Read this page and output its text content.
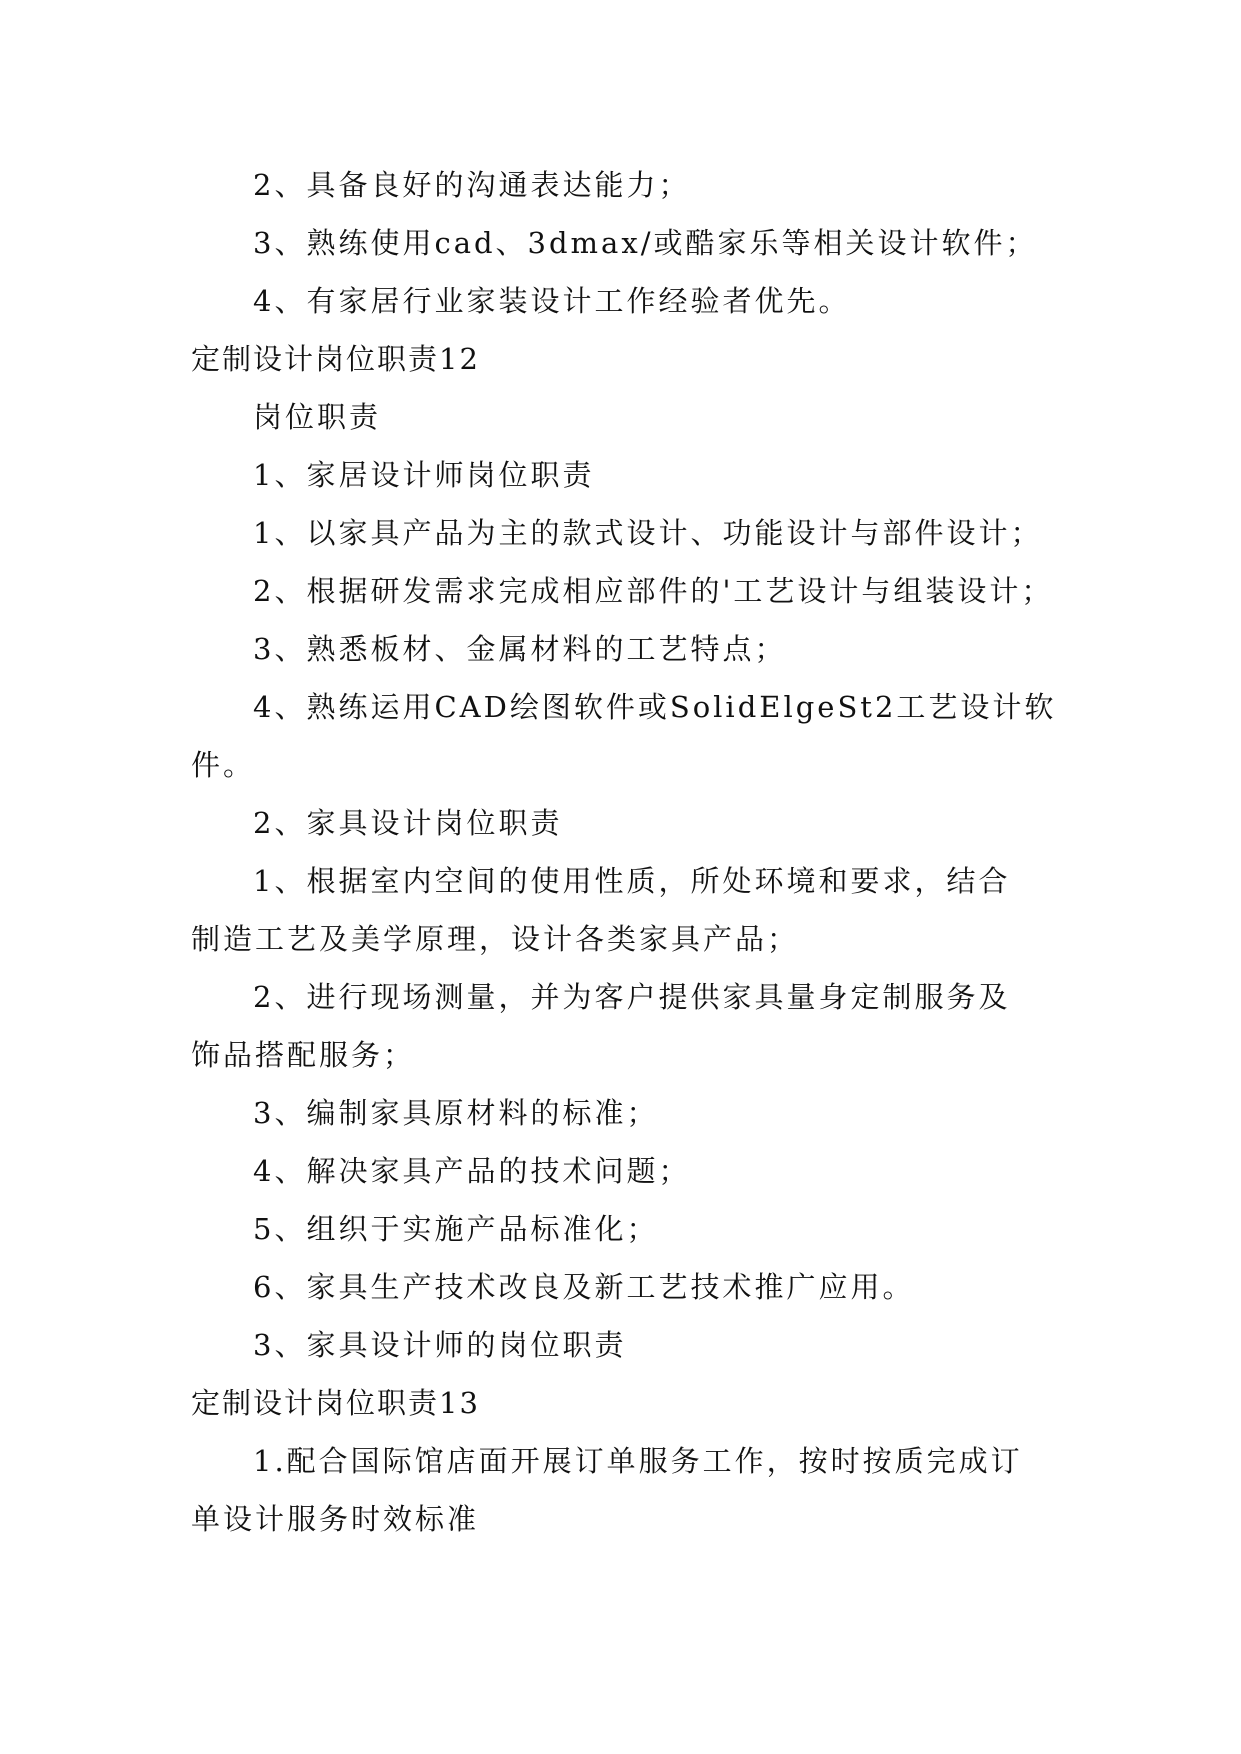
2、具备良好的沟通表达能力；
3、熟练使用cad、3dmax/或酷家乐等相关设计软件；
4、有家居行业家装设计工作经验者优先。
定制设计岗位职责12
岗位职责
1、家居设计师岗位职责
1、以家具产品为主的款式设计、功能设计与部件设计；
2、根据研发需求完成相应部件的'工艺设计与组装设计；
3、熟悉板材、金属材料的工艺特点；
4、熟练运用CAD绘图软件或SolidElgeSt2工艺设计软
件。
2、家具设计岗位职责
1、根据室内空间的使用性质，所处环境和要求，结合
制造工艺及美学原理，设计各类家具产品；
2、进行现场测量，并为客户提供家具量身定制服务及
饰品搭配服务；
3、编制家具原材料的标准；
4、解决家具产品的技术问题；
5、组织于实施产品标准化；
6、家具生产技术改良及新工艺技术推广应用。
3、家具设计师的岗位职责
定制设计岗位职责13
1.配合国际馆店面开展订单服务工作，按时按质完成订
单设计服务时效标准
